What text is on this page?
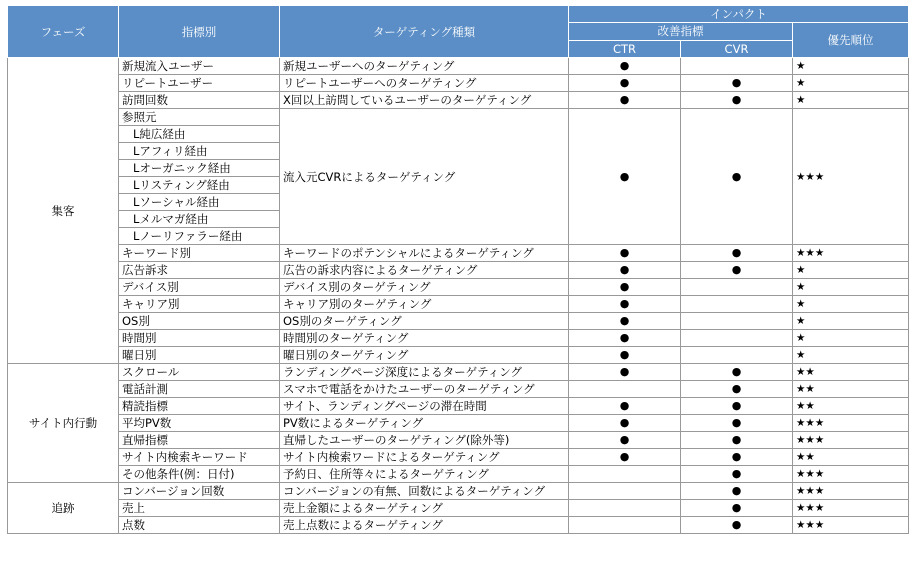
フェーズ	指標別	ターゲティング種類	インパクト		
			改善指標		優先順位
			CTR	CVR	
集客	新規流入ユーザー	新規ユーザーへのターゲティング	●		★
	リピートユーザー	リピートユーザーへのターゲティング	●	●	★
	訪問回数	X回以上訪問しているユーザーのターゲティング	●	●	★
	参照元	流入元CVRによるターゲティング	●	●	★★★
	L純広経由				
	Lアフィリ経由				
	Lオーガニック経由				
	Lリスティング経由				
	Lソーシャル経由				
	Lメルマガ経由				
	Lノーリファラー経由				
	キーワード別	キーワードのポテンシャルによるターゲティング	●	●	★★★
	広告訴求	広告の訴求内容によるターゲティング	●	●	★
	デバイス別	デバイス別のターゲティング	●		★
	キャリア別	キャリア別のターゲティング	●		★
	OS別	OS別のターゲティング	●		★
	時間別	時間別のターゲティング	●		★
	曜日別	曜日別のターゲティング	●		★
サイト内行動	スクロール	ランディングページ深度によるターゲティング	●	●	★★
	電話計測	スマホで電話をかけたユーザーのターゲティング		●	★★
	精読指標	サイト、ランディングページの滞在時間	●	●	★★
	平均PV数	PV数によるターゲティング	●	●	★★★
	直帰指標	直帰したユーザーのターゲティング(除外等)	●	●	★★★
	サイト内検索キーワード	サイト内検索ワードによるターゲティング	●	●	★★
	その他条件(例：日付)	予約日、住所等々によるターゲティング		●	★★★
追跡	コンバージョン回数	コンバージョンの有無、回数によるターゲティング		●	★★★
	売上	売上金額によるターゲティング		●	★★★
	点数	売上点数によるターゲティング		●	★★★
